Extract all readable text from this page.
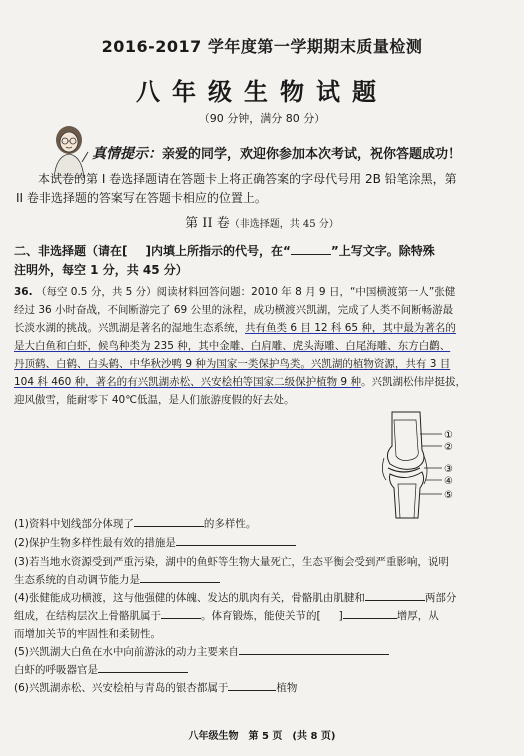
2016-2017 学年度第一学期期末质量检测
八年级生物试题
（90 分钟，满分 80 分）
真情提示：亲爱的同学，欢迎你参加本次考试，祝你答题成功！
本试卷的第 I 卷选择题请在答题卡上将正确答案的字母代号用 2B 铅笔涂黑，第
II 卷非选择题的答案写在答题卡相应的位置上。
第 II 卷（非选择题，共 45 分）
二、非选择题（请在[ ]内填上所指示的代号，在“	”上写文字。除特殊
注明外，每空 1 分，共 45 分）
36. （每空 0.5 分，共 5 分）阅读材料回答问题：2010 年 8 月 9 日，“中国横渡第一人”张健
经过 36 小时奋战，不间断游完了 69 公里的泳程，成功横渡兴凯湖，完成了人类不间断畅游最
长淡水湖的挑战。兴凯湖是著名的湿地生态系统，共有鱼类 6 目 12 科 65 种，其中最为著名的
是大白鱼和白虾，候鸟种类为 235 种，其中金雕、白肩雕、虎头海雕、白尾海雕、东方白鹳、
丹顶鹤、白鹤、白头鹤、中华秋沙鸭 9 种为国家一类保护鸟类。兴凯湖的植物资源，共有 3 目
104 科 460 种，著名的有兴凯湖赤松、兴安桧柏等国家二级保护植物 9 种。兴凯湖松伟岸挺拔，
迎风傲雪，能耐零下 40℃低温，是人们旅游度假的好去处。
①
②
③
④
⑤
(1)资料中划线部分体现了	的多样性。
(2)保护生物多样性最有效的措施是
(3)若当地水资源受到严重污染，湖中的鱼虾等生物大量死亡，生态平衡会受到严重影响，说明
生态系统的自动调节能力是
(4)张健能成功横渡，这与他强健的体魄、发达的肌肉有关，骨骼肌由肌腱和	两部分
组成，在结构层次上骨骼肌属于	。体育锻炼，能使关节的[ ]	增厚，从
而增加关节的牢固性和柔韧性。
(5)兴凯湖大白鱼在水中向前游泳的动力主要来自
白虾的呼吸器官是
(6)兴凯湖赤松、兴安桧柏与青岛的银杏都属于	植物
八年级生物　第 5 页　(共 8 页)
